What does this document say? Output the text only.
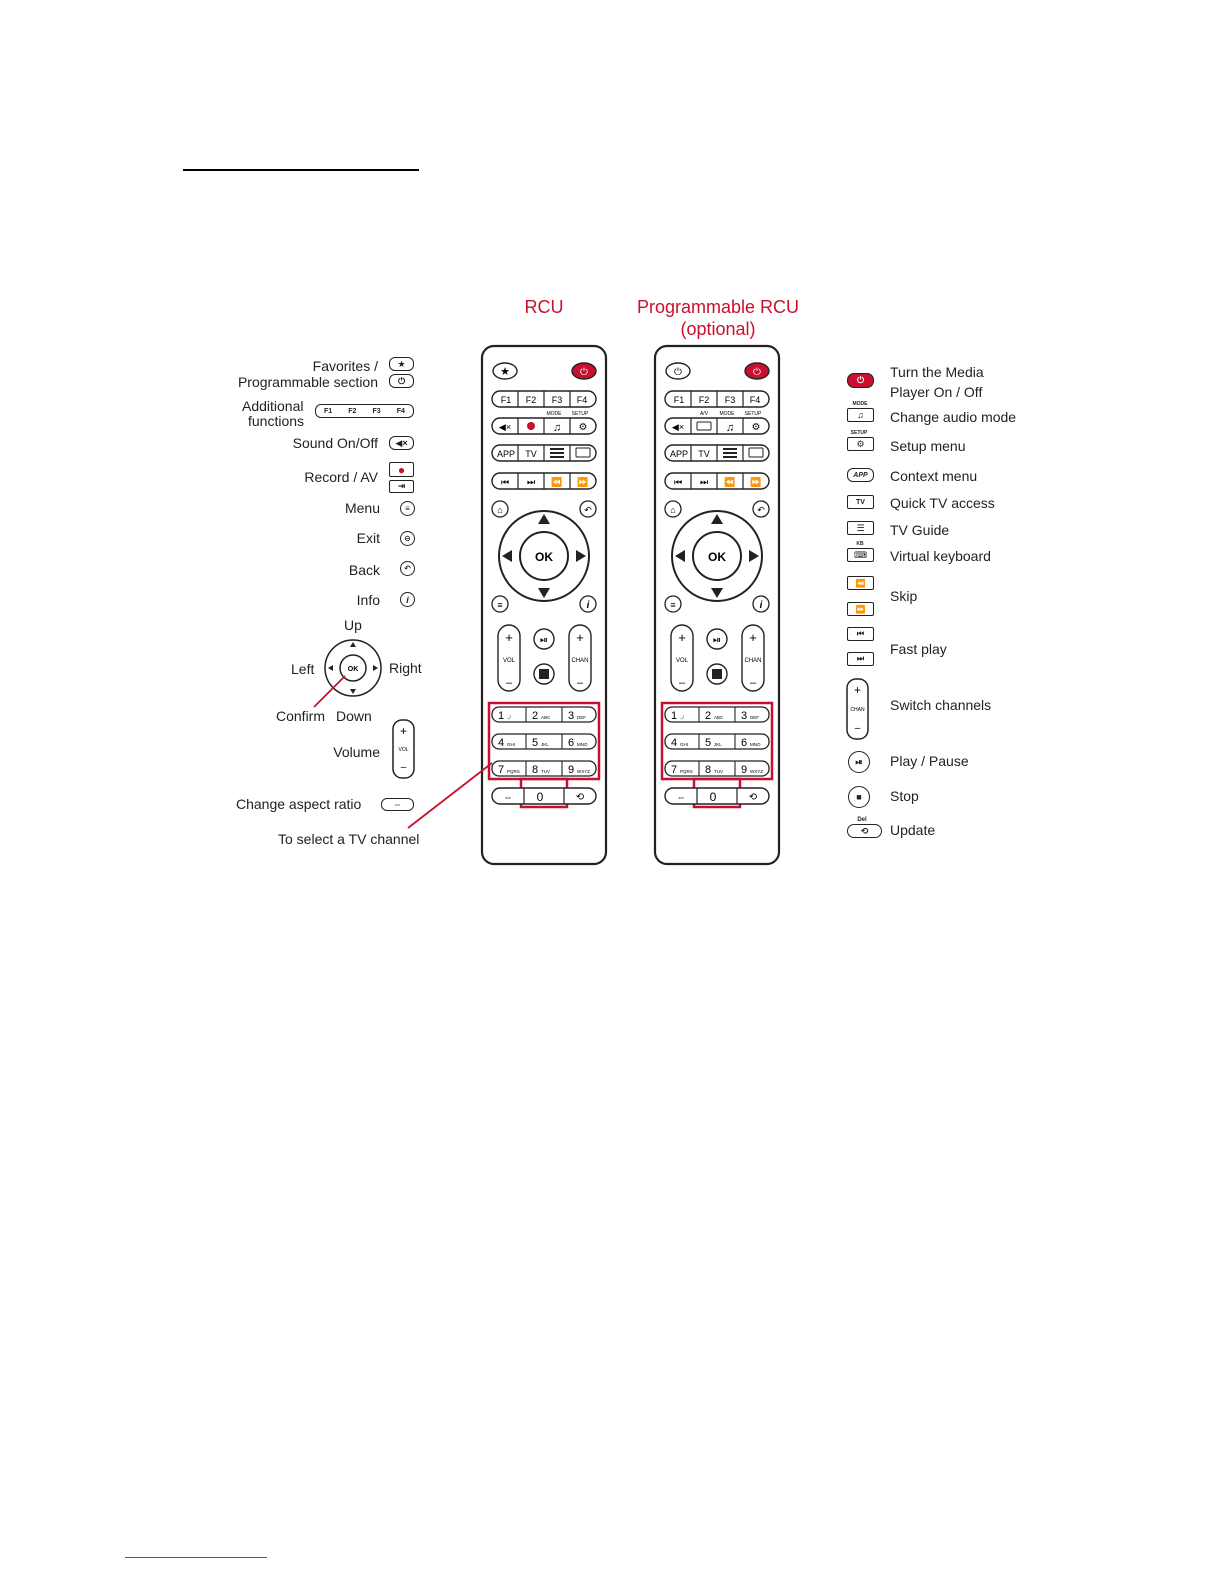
RCU	Programmable RCU
(optional)
★	⏻
F1 F2 F3 F4
MODE SETUP
◀×	♫ ⚙
APP TV
⏮ ⏭ ⏪ ⏩
⌂	↶
OK
≡	i
+
VOL
–
+
CHAN
–
⏯
1 .,/ 2 ABC 3 DEF
4 GHI 5 JKL 6 MNO
7 PQRS 8 TUV 9 WXYZ
⇔ 0	⟲
⏻	⏻
F1 F2 F3 F4
A/V MODE SETUP
◀×	♫ ⚙
APP TV
⏮ ⏭ ⏪ ⏩
⌂	↶
OK
≡	i
+
VOL
–
+
CHAN
–
⏯
1 .,/ 2 ABC 3 DEF
4 GHI 5 JKL 6 MNO
7 PQRS 8 TUV 9 WXYZ
⇔ 0	⟲
Favorites /
Programmable section
★
⏻
Additional
functions
F1 F2 F3 F4
Sound On/Off	◀×
Record / AV	●
⇥
Menu	≡
Exit	⊖
Back	↶
Info	i
Up
Left	Right
Confirm Down
OK
Volume
+
VOL
–
Change aspect ratio	⇔
To select a TV channel
⏻	Turn the Media
Player On / Off
MODE
♫	Change audio mode
SETUP
⚙	Setup menu
APP	Context menu
TV	Quick TV access
☰	TV Guide
KB
⌨	Virtual keyboard
⏪
⏩
Skip
⏮
⏭
Fast play
+
CHAN
–
Switch channels
⏯	Play / Pause
■	Stop
Del
⟲	Update
